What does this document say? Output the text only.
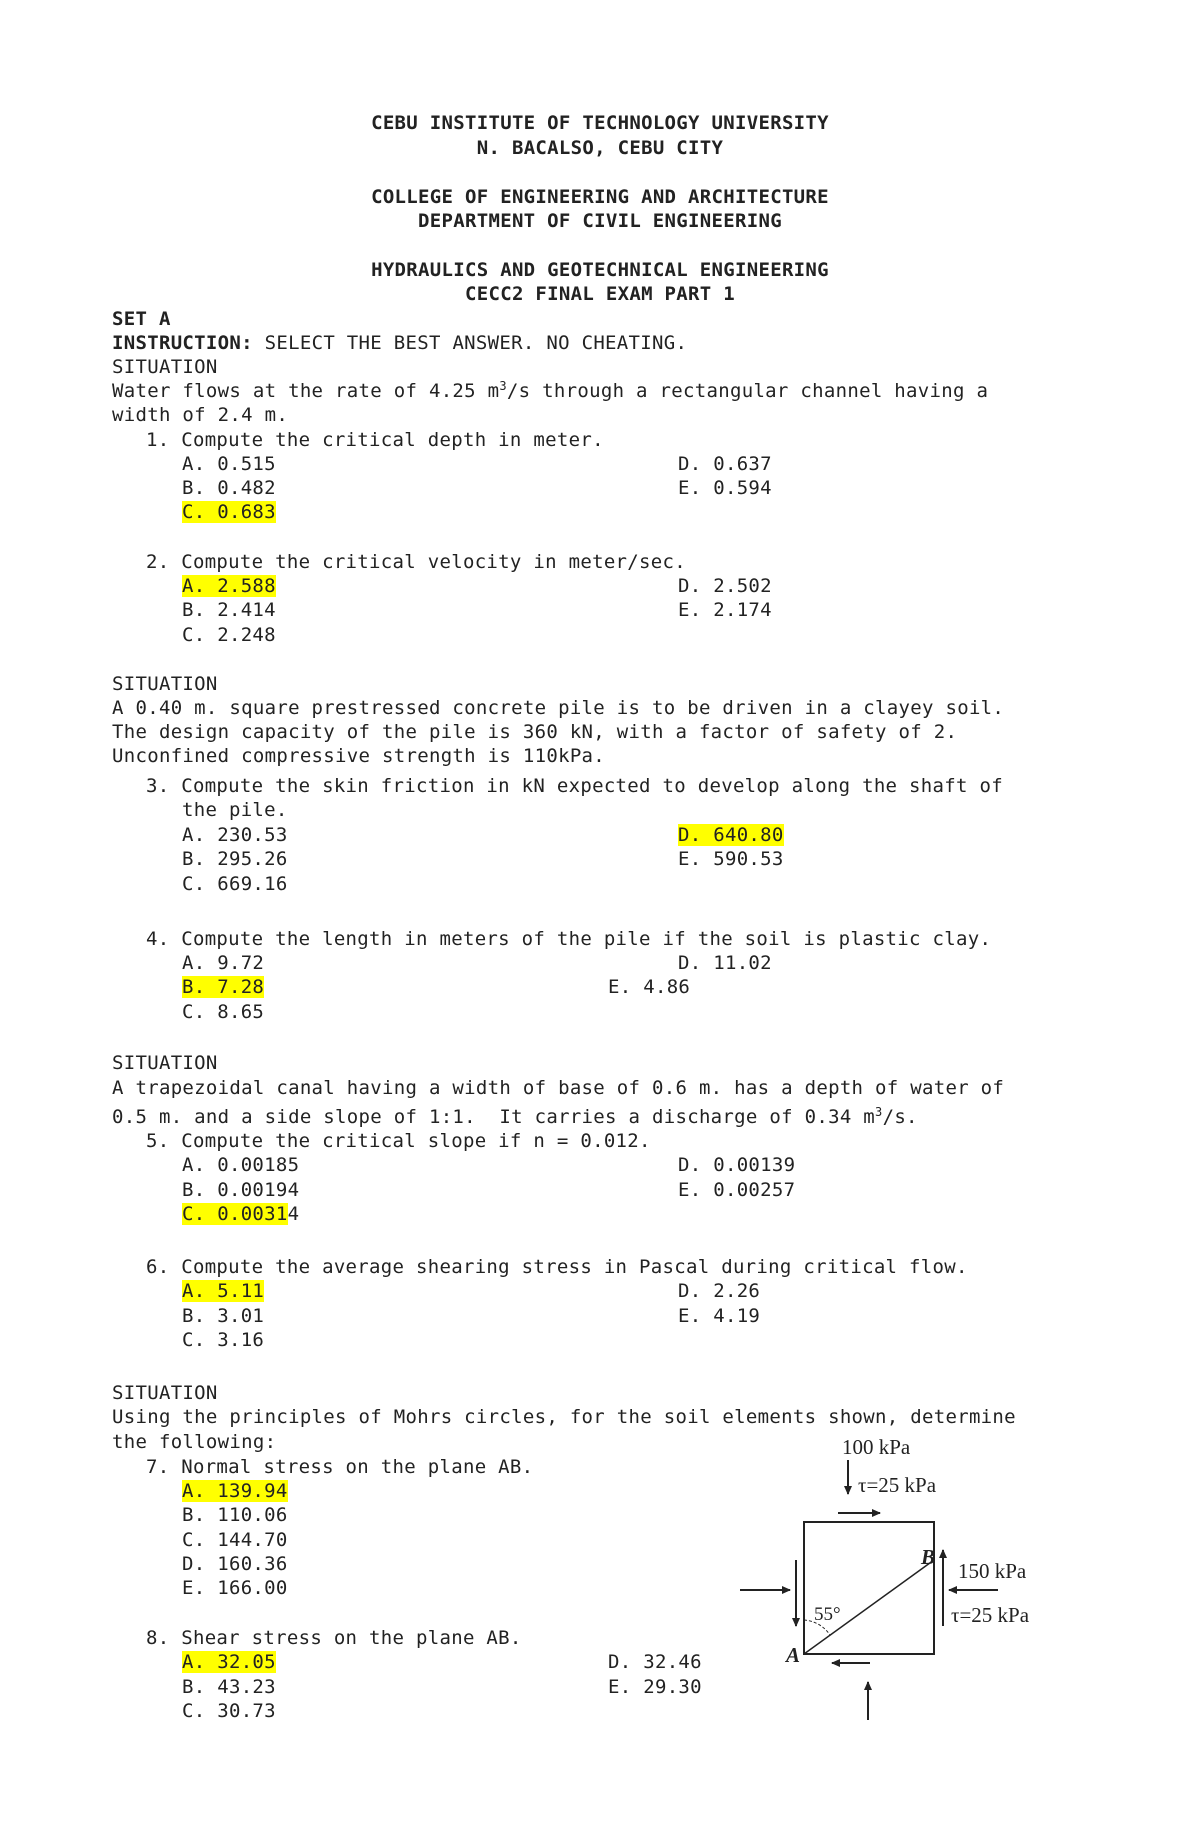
CEBU INSTITUTE OF TECHNOLOGY UNIVERSITY
N. BACALSO, CEBU CITY
COLLEGE OF ENGINEERING AND ARCHITECTURE
DEPARTMENT OF CIVIL ENGINEERING
HYDRAULICS AND GEOTECHNICAL ENGINEERING
CECC2 FINAL EXAM PART 1
SET A
INSTRUCTION: SELECT THE BEST ANSWER. NO CHEATING.
SITUATION
Water flows at the rate of 4.25 $m^3/s$ through a rectangular channel having a
width of 2.4 m.
1. Compute the critical depth in meter.
A. 0.515
B. 0.482
C. 0.683
D. 0.637
E. 0.594
2. Compute the critical velocity in meter/sec.
A. 2.588
B. 2.414
C. 2.248
D. 2.502
E. 2.174
SITUATION
A 0.40 m. square prestressed concrete pile is to be driven in a clayey soil.
The design capacity of the pile is 360 kN, with a factor of safety of 2.
Unconfined compressive strength is 110kPa.
3. Compute the skin friction in kN expected to develop along the shaft of
the pile.
A. 230.53
B. 295.26
C. 669.16
D. 640.80
E. 590.53
4. Compute the length in meters of the pile if the soil is plastic clay.
A. 9.72
B. 7.28
C. 8.65
D. 11.02
E. 4.86
SITUATION
A trapezoidal canal having a width of base of 0.6 m. has a depth of water of
0.5 m. and a side slope of 1:1.  It carries a discharge of 0.34 $m^3/s$.
5. Compute the critical slope if n = 0.012.
A. 0.00185
B. 0.00194
C. 0.00314
D. 0.00139
E. 0.00257
6. Compute the average shearing stress in Pascal during critical flow.
A. 5.11
B. 3.01
C. 3.16
D. 2.26
E. 4.19
SITUATION
Using the principles of Mohrs circles, for the soil elements shown, determine
the following:
7. Normal stress on the plane AB.
A. 139.94
B. 110.06
C. 144.70
D. 160.36
E. 166.00
8. Shear stress on the plane AB.
A. 32.05
B. 43.23
C. 30.73
D. 32.46
E. 29.30
100 kPa
τ=25 kPa
150 kPa
τ=25 kPa
55°
A
B
